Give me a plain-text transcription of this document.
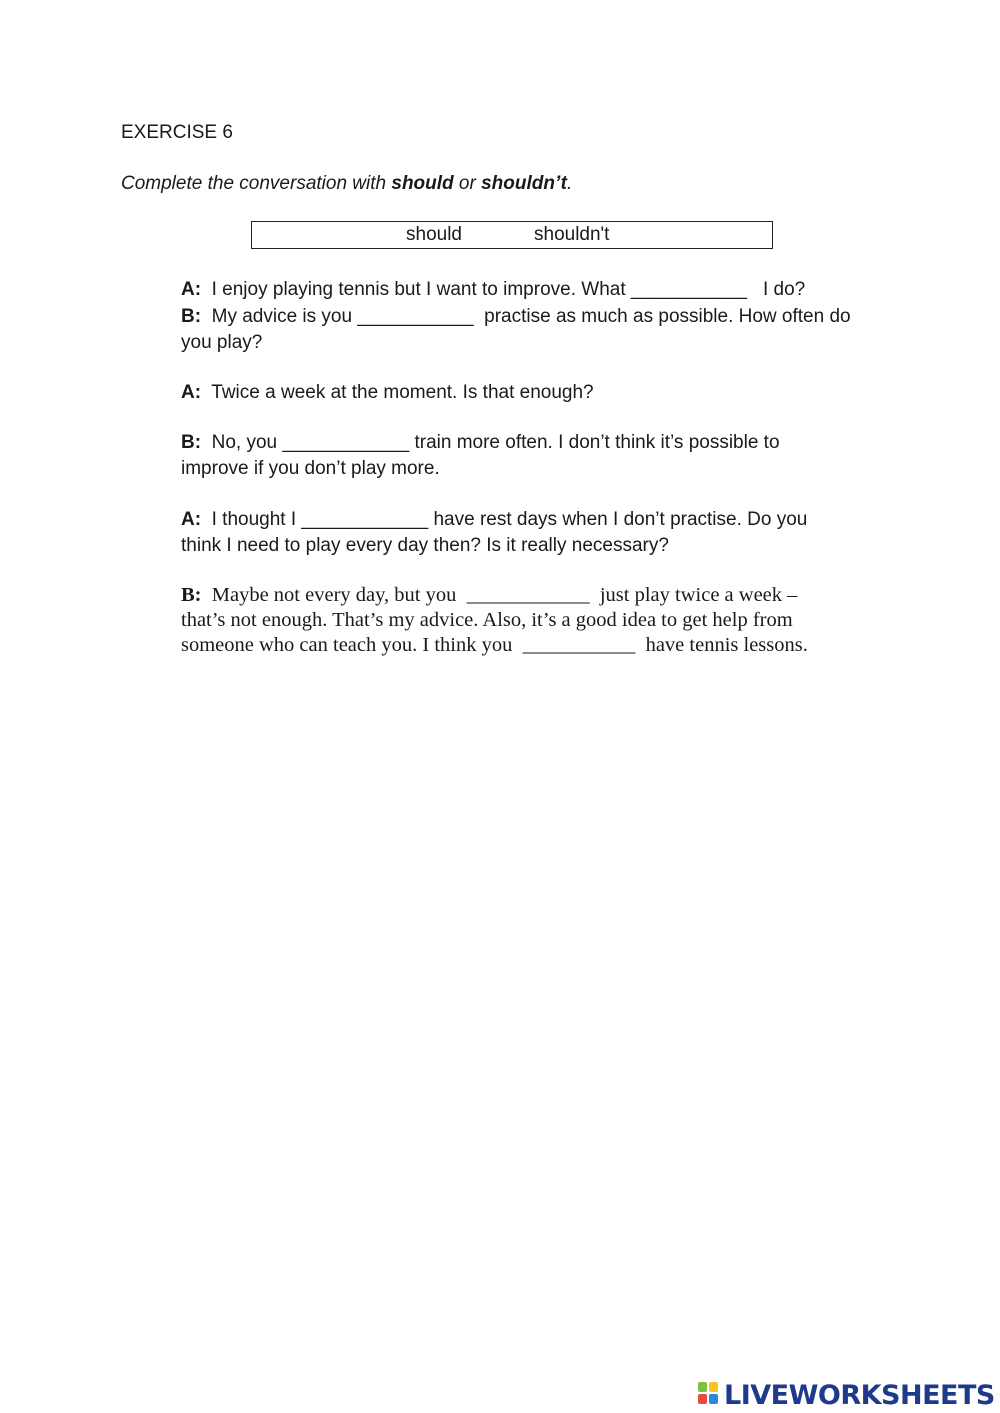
EXERCISE 6
Complete the conversation with should or shouldn’t.
should	shouldn't
A:  I enjoy playing tennis but I want to improve. What ___________   I do?
B:  My advice is you ___________  practise as much as possible. How often do
you play?
A:  Twice a week at the moment. Is that enough?
B:  No, you ____________ train more often. I don’t think it’s possible to
improve if you don’t play more.
A:  I thought I ____________ have rest days when I don’t practise. Do you
think I need to play every day then? Is it really necessary?
B:  Maybe not every day, but you  ____________  just play twice a week –
that’s not enough. That’s my advice. Also, it’s a good idea to get help from
someone who can teach you. I think you  ___________  have tennis lessons.
LIVEWORKSHEETS
